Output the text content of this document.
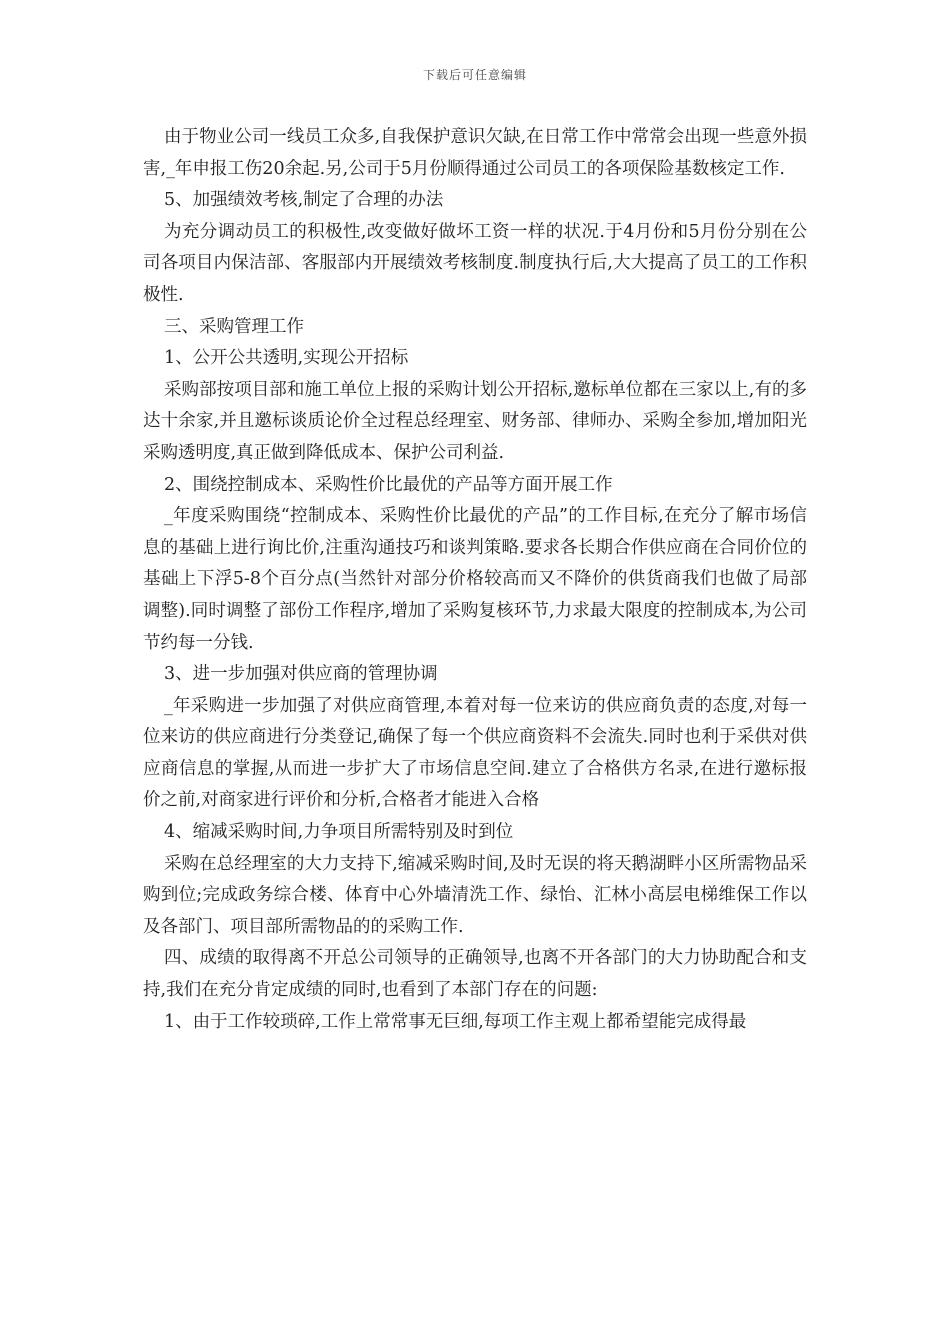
下载后可任意编辑

由于物业公司一线员工众多,自我保护意识欠缺,在日常工作中常常会出现一些意外损害,_年申报工伤20余起.另,公司于5月份顺得通过公司员工的各项保险基数核定工作.

5、加强绩效考核,制定了合理的办法

为充分调动员工的积极性,改变做好做坏工资一样的状况.于4月份和5月份分别在公司各项目内保洁部、客服部内开展绩效考核制度.制度执行后,大大提高了员工的工作积极性.

三、采购管理工作

1、公开公共透明,实现公开招标

采购部按项目部和施工单位上报的采购计划公开招标,邀标单位都在三家以上,有的多达十余家,并且邀标谈质论价全过程总经理室、财务部、律师办、采购全参加,增加阳光采购透明度,真正做到降低成本、保护公司利益.

2、围绕控制成本、采购性价比最优的产品等方面开展工作

_年度采购围绕“控制成本、采购性价比最优的产品”的工作目标,在充分了解市场信息的基础上进行询比价,注重沟通技巧和谈判策略.要求各长期合作供应商在合同价位的基础上下浮5-8个百分点(当然针对部分价格较高而又不降价的供货商我们也做了局部调整).同时调整了部份工作程序,增加了采购复核环节,力求最大限度的控制成本,为公司节约每一分钱.

3、进一步加强对供应商的管理协调

_年采购进一步加强了对供应商管理,本着对每一位来访的供应商负责的态度,对每一位来访的供应商进行分类登记,确保了每一个供应商资料不会流失.同时也利于采供对供应商信息的掌握,从而进一步扩大了市场信息空间.建立了合格供方名录,在进行邀标报价之前,对商家进行评价和分析,合格者才能进入合格

4、缩减采购时间,力争项目所需特别及时到位

采购在总经理室的大力支持下,缩减采购时间,及时无误的将天鹅湖畔小区所需物品采购到位;完成政务综合楼、体育中心外墙清洗工作、绿怡、汇林小高层电梯维保工作以及各部门、项目部所需物品的的采购工作.

四、成绩的取得离不开总公司领导的正确领导,也离不开各部门的大力协助配合和支持,我们在充分肯定成绩的同时,也看到了本部门存在的问题:

1、由于工作较琐碎,工作上常常事无巨细,每项工作主观上都希望能完成得最
